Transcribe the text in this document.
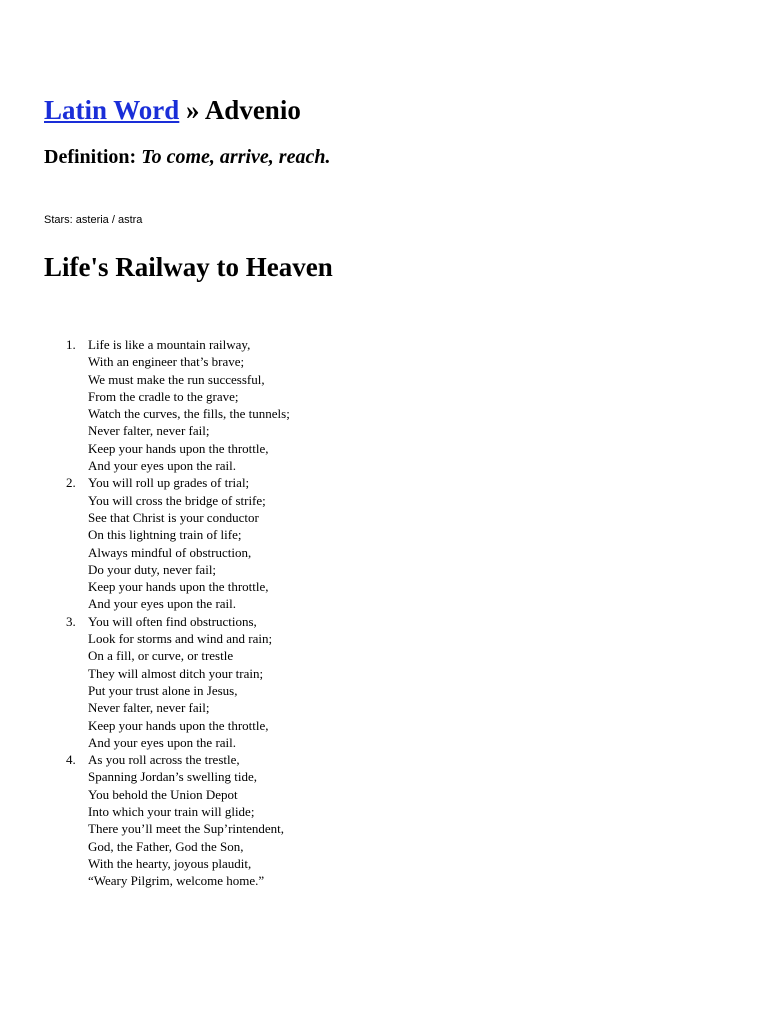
Latin Word » Advenio

Definition: To come, arrive, reach.

Stars: asteria / astra

Life's Railway to Heaven
1. Life is like a mountain railway,
With an engineer that’s brave;
We must make the run successful,
From the cradle to the grave;
Watch the curves, the fills, the tunnels;
Never falter, never fail;
Keep your hands upon the throttle,
And your eyes upon the rail.
2. You will roll up grades of trial;
You will cross the bridge of strife;
See that Christ is your conductor
On this lightning train of life;
Always mindful of obstruction,
Do your duty, never fail;
Keep your hands upon the throttle,
And your eyes upon the rail.
3. You will often find obstructions,
Look for storms and wind and rain;
On a fill, or curve, or trestle
They will almost ditch your train;
Put your trust alone in Jesus,
Never falter, never fail;
Keep your hands upon the throttle,
And your eyes upon the rail.
4. As you roll across the trestle,
Spanning Jordan’s swelling tide,
You behold the Union Depot
Into which your train will glide;
There you’ll meet the Sup’rintendent,
God, the Father, God the Son,
With the hearty, joyous plaudit,
“Weary Pilgrim, welcome home.”
